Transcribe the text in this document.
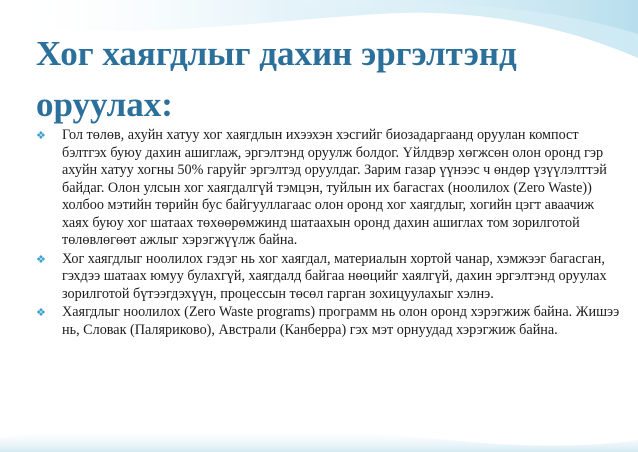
Хог хаягдлыг дахин эргэлтэнд оруулах:
❖ Гол төлөв, ахуйн хатуу хог хаягдлын ихээхэн хэсгийг биозадаргаанд оруулан компост бэлтгэх буюу дахин ашиглаж, эргэлтэнд оруулж болдог. Үйлдвэр хөгжсөн олон оронд гэр ахуйн хатуу хогны 50% гаруйг эргэлтэд оруулдаг. Зарим газар үүнээс ч өндөр үзүүлэлттэй байдаг. Олон улсын хог хаягдалгүй тэмцэн, туйлын их багасгах (ноолилох (Zero Waste)) холбоо мэтийн төрийн бус байгууллагаас олон оронд хог хаягдлыг, хогийн цэгт аваачиж хаях буюу хог шатаах төхөөрөмжинд шатаахын оронд дахин ашиглах том зорилготой төлөвлөгөөт ажлыг хэрэгжүүлж байна.
❖ Хог хаягдлыг ноолилох гэдэг нь хог хаягдал, материалын хортой чанар, хэмжээг багасган, гэхдээ шатаах юмуу булахгүй, хаягдалд байгаа нөөцийг хаялгүй, дахин эргэлтэнд оруулах зорилготой бүтээгдэхүүн, процессын төсөл гарган зохицуулахыг хэлнэ.
❖ Хаягдлыг ноолилох (Zero Waste programs) программ нь олон оронд хэрэгжиж байна. Жишээ нь, Словак (Паляриково), Австрали (Канберра) гэх мэт орнуудад хэрэгжиж байна.
